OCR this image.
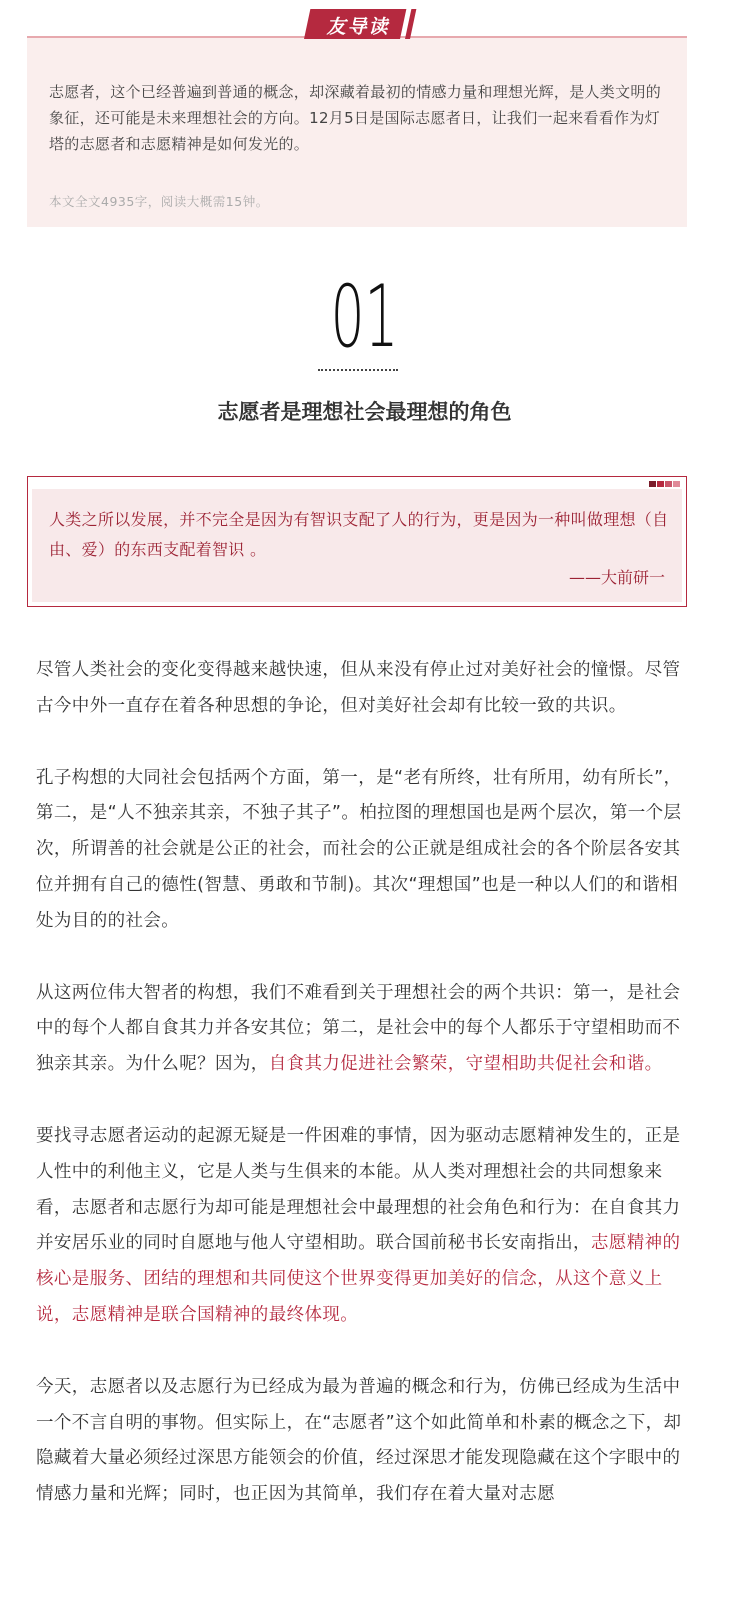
志愿者，这个已经普遍到普通的概念，却深藏着最初的情感力量和理想光辉，是人类文明的象征，还可能是未来理想社会的方向。12月5日是国际志愿者日，让我们一起来看看作为灯塔的志愿者和志愿精神是如何发光的。

本文全文4935字，阅读大概需15钟。

友导读
01
志愿者是理想社会最理想的角色

人类之所以发展，并不完全是因为有智识支配了人的行为，更是因为一种叫做理想（自由、爱）的东西支配着智识 。

——大前研一

尽管人类社会的变化变得越来越快速，但从来没有停止过对美好社会的憧憬。尽管古今中外一直存在着各种思想的争论，但对美好社会却有比较一致的共识。

孔子构想的大同社会包括两个方面，第一，是“老有所终，壮有所用，幼有所长”，第二，是“人不独亲其亲，不独子其子”。柏拉图的理想国也是两个层次，第一个层次，所谓善的社会就是公正的社会，而社会的公正就是组成社会的各个阶层各安其位并拥有自己的德性(智慧、勇敢和节制)。其次“理想国”也是一种以人们的和谐相处为目的的社会。

从这两位伟大智者的构想，我们不难看到关于理想社会的两个共识：第一，是社会中的每个人都自食其力并各安其位；第二，是社会中的每个人都乐于守望相助而不独亲其亲。为什么呢？因为，自食其力促进社会繁荣，守望相助共促社会和谐。

要找寻志愿者运动的起源无疑是一件困难的事情，因为驱动志愿精神发生的，正是人性中的利他主义，它是人类与生俱来的本能。从人类对理想社会的共同想象来看，志愿者和志愿行为却可能是理想社会中最理想的社会角色和行为：在自食其力并安居乐业的同时自愿地与他人守望相助。联合国前秘书长安南指出，志愿精神的核心是服务、团结的理想和共同使这个世界变得更加美好的信念，从这个意义上说，志愿精神是联合国精神的最终体现。

今天，志愿者以及志愿行为已经成为最为普遍的概念和行为，仿佛已经成为生活中一个不言自明的事物。但实际上，在“志愿者”这个如此简单和朴素的概念之下，却隐藏着大量必须经过深思方能领会的价值，经过深思才能发现隐藏在这个字眼中的情感力量和光辉；同时，也正因为其简单，我们存在着大量对志愿
